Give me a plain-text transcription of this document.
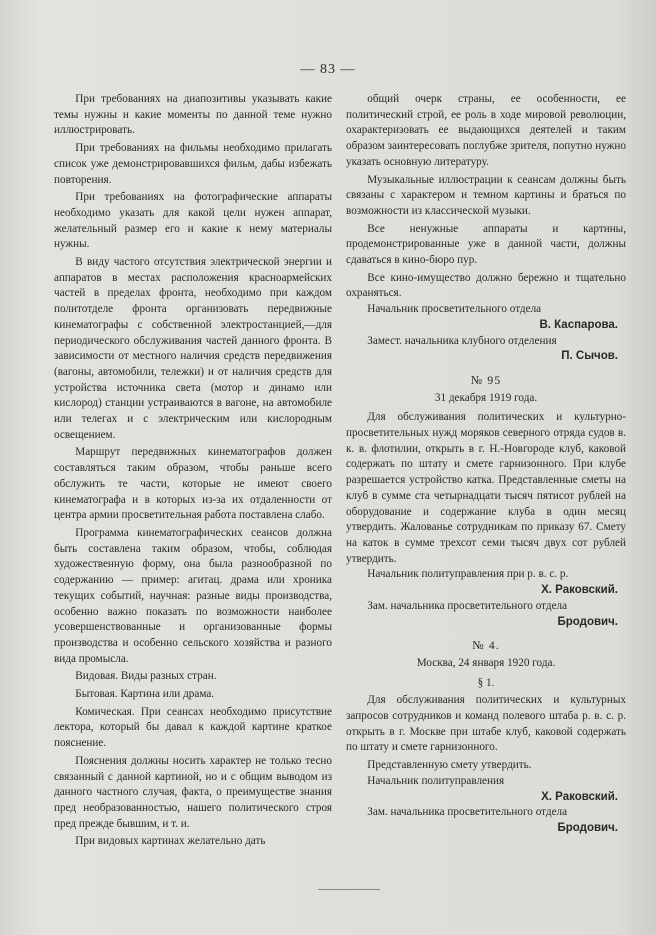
— 83 —

При требованиях на диапозитивы указывать какие темы нужны и какие моменты по данной теме нужно иллюстрировать.

При требованиях на фильмы необходимо прилагать список уже демонстрировавшихся фильм, дабы избежать повторения.

При требованиях на фотографические аппараты необходимо указать для какой цели нужен аппарат, желательный размер его и какие к нему материалы нужны.

В виду частого отсутствия электрической энергии и аппаратов в местах расположения красноармейских частей в пределах фронта, необходимо при каждом политотделе фронта организовать передвижные кинематографы с собственной электростанцией,—для периодического обслуживания частей данного фронта. В зависимости от местного наличия средств передвижения (вагоны, автомобили, тележки) и от наличия средств для устройства источника света (мотор и динамо или кислород) станции устраиваются в вагоне, на автомобиле или телегах и с электрическим или кислородным освещением.

Маршрут передвижных кинематографов должен составляться таким образом, чтобы раньше всего обслужить те части, которые не имеют своего кинематографа и в которых из-за их отдаленности от центра армии просветительная работа поставлена слабо.

Программа кинематографических сеансов должна быть составлена таким образом, чтобы, соблюдая художественную форму, она была разнообразной по содержанию — пример: агитац. драма или хроника текущих событий, научная: разные виды производства, особенно важно показать по возможности наиболее усовершенствованные и организованные формы производства и особенно сельского хозяйства и разного вида промысла.

Видовая. Виды разных стран.

Бытовая. Картина или драма.

Комическая. При сеансах необходимо присутствие лектора, который бы давал к каждой картине краткое пояснение.

Пояснения должны носить характер не только тесно связанный с данной картиной, но и с общим выводом из данного частного случая, факта, о преимуществе знания пред необразованностью, нашего политического строя пред прежде бывшим, и т. и.

При видовых картинах желательно дать

общий очерк страны, ее особенности, ее политический строй, ее роль в ходе мировой революции, охарактеризовать ее выдающихся деятелей и таким образом заинтересовать поглубже зрителя, попутно нужно указать основную литературу.

Музыкальные иллюстрации к сеансам должны быть связаны с характером и темном картины и браться по возможности из классической музыки.

Все ненужные аппараты и картины, продемонстрированные уже в данной части, должны сдаваться в кино-бюро пур.

Все кино-имущество должно бережно и тщательно охраняться.

Начальник просветительного отдела
В. Каспарова.
Замест. начальника клубного отделения
П. Сычов.
№ 95
31 декабря 1919 года.

Для обслуживания политических и культурно-просветительных нужд моряков северного отряда судов в. к. в. флотилии, открыть в г. Н.-Новгороде клуб, каковой содержать по штату и смете гарнизонного. При клубе разрешается устройство катка. Представленные сметы на клуб в сумме ста четырнадцати тысяч пятисот рублей на оборудование и содержание клуба в один месяц утвердить. Жалованье сотрудникам по приказу 67. Смету на каток в сумме трехсот семи тысяч двух сот рублей утвердить.

Начальник политуправления при р. в. с. р.
Х. Раковский.
Зам. начальника просветительного отдела
Бродович.
№ 4.
Москва, 24 января 1920 года.
§ 1.

Для обслуживания политических и культурных запросов сотрудников и команд полевого штаба р. в. с. р. открыть в г. Москве при штабе клуб, каковой содержать по штату и смете гарнизонного.

Представленную смету утвердить.

Начальник политуправления
Х. Раковский.
Зам. начальника просветительного отдела
Бродович.
